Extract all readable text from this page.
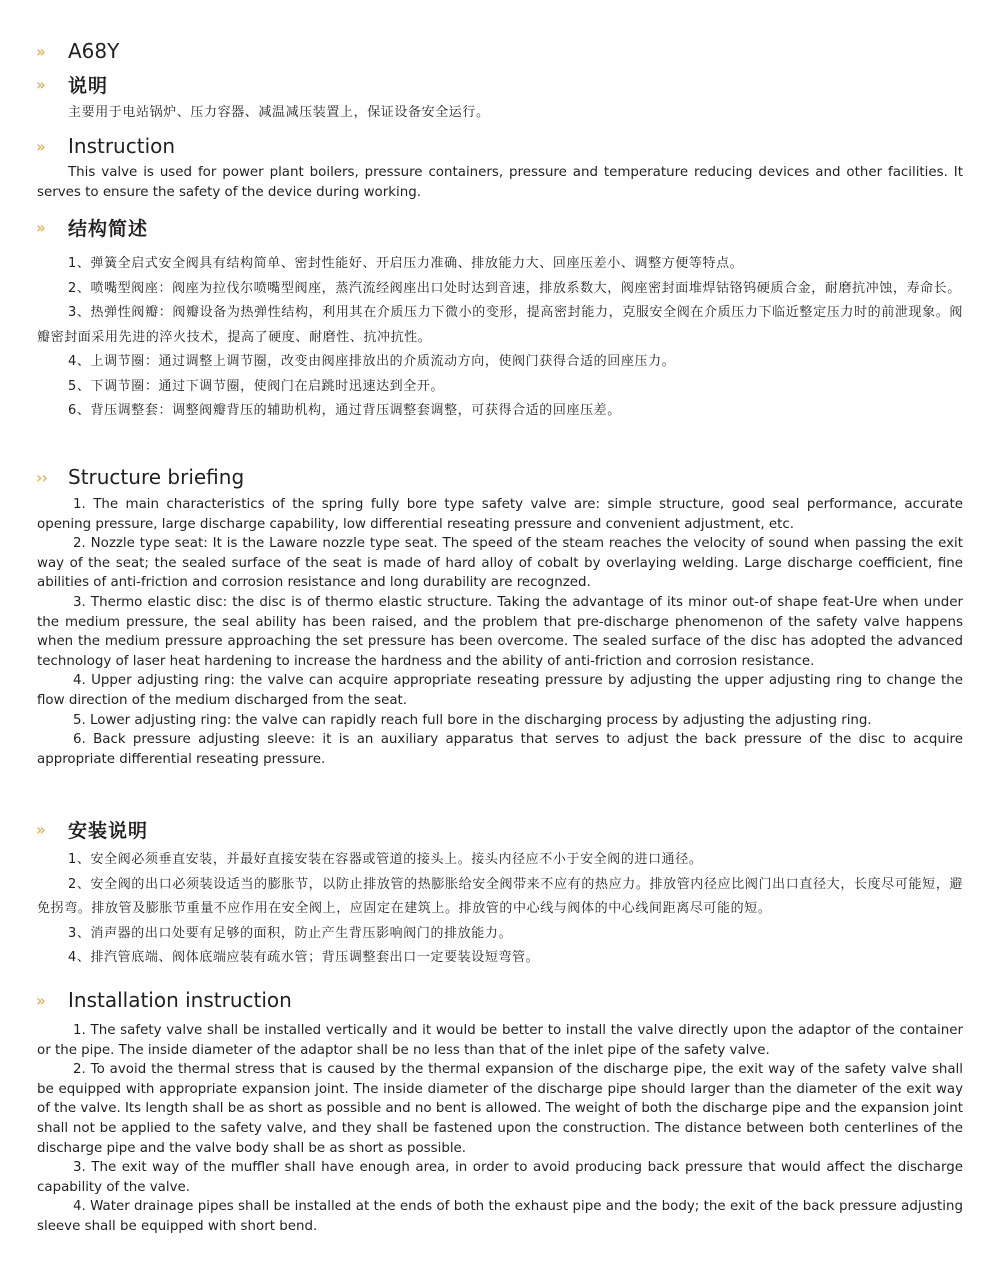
»	A68Y
»	说明

主要用于电站锅炉、压力容器、减温减压装置上，保证设备安全运行。

»	Instruction

This valve is used for power plant boilers, pressure containers, pressure and temperature reducing devices and other facilities. It serves to ensure the safety of the device during working.

»	结构简述

1、弹簧全启式安全阀具有结构简单、密封性能好、开启压力准确、排放能力大、回座压差小、调整方便等特点。

2、喷嘴型阀座：阀座为拉伐尔喷嘴型阀座，蒸汽流经阀座出口处时达到音速，排放系数大，阀座密封面堆焊钴铬钨硬质合金，耐磨抗冲蚀，寿命长。

3、热弹性阀瓣：阀瓣设备为热弹性结构，利用其在介质压力下微小的变形，提高密封能力，克服安全阀在介质压力下临近整定压力时的前泄现象。阀瓣密封面采用先进的淬火技术，提高了硬度、耐磨性、抗冲抗性。

4、上调节圈：通过调整上调节圈，改变由阀座排放出的介质流动方向，使阀门获得合适的回座压力。

5、下调节圈：通过下调节圈，使阀门在启跳时迅速达到全开。

6、背压调整套：调整阀瓣背压的辅助机构，通过背压调整套调整，可获得合适的回座压差。

››	Structure briefing

1. The main characteristics of the spring fully bore type safety valve are: simple structure, good seal performance, accurate opening pressure, large discharge capability, low differential reseating pressure and convenient adjustment, etc.

2. Nozzle type seat: It is the Laware nozzle type seat. The speed of the steam reaches the velocity of sound when passing the exit way of the seat; the sealed surface of the seat is made of hard alloy of cobalt by overlaying welding. Large discharge coefficient, fine abilities of anti-friction and corrosion resistance and long durability are recognzed.

3. Thermo elastic disc: the disc is of thermo elastic structure. Taking the advantage of its minor out-of shape feat-Ure when under the medium pressure, the seal ability has been raised, and the problem that pre-discharge phenomenon of the safety valve happens when the medium pressure approaching the set pressure has been overcome. The sealed surface of the disc has adopted the advanced technology of laser heat hardening to increase the hardness and the ability of anti-friction and corrosion resistance.

4. Upper adjusting ring: the valve can acquire appropriate reseating pressure by adjusting the upper adjusting ring to change the flow direction of the medium discharged from the seat.

5. Lower adjusting ring: the valve can rapidly reach full bore in the discharging process by adjusting the adjusting ring.

6. Back pressure adjusting sleeve: it is an auxiliary apparatus that serves to adjust the back pressure of the disc to acquire appropriate differential reseating pressure.

»	安装说明

1、安全阀必须垂直安装，并最好直接安装在容器或管道的接头上。接头内径应不小于安全阀的进口通径。

2、安全阀的出口必须装设适当的膨胀节，以防止排放管的热膨胀给安全阀带来不应有的热应力。排放管内径应比阀门出口直径大，长度尽可能短，避免拐弯。排放管及膨胀节重量不应作用在安全阀上，应固定在建筑上。排放管的中心线与阀体的中心线间距离尽可能的短。

3、消声器的出口处要有足够的面积，防止产生背压影响阀门的排放能力。

4、排汽管底端、阀体底端应装有疏水管；背压调整套出口一定要装设短弯管。

»	Installation instruction

1. The safety valve shall be installed vertically and it would be better to install the valve directly upon the adaptor of the container or the pipe. The inside diameter of the adaptor shall be no less than that of the inlet pipe of the safety valve.

2. To avoid the thermal stress that is caused by the thermal expansion of the discharge pipe, the exit way of the safety valve shall be equipped with appropriate expansion joint. The inside diameter of the discharge pipe should larger than the diameter of the exit way of the valve. Its length shall be as short as possible and no bent is allowed. The weight of both the discharge pipe and the expansion joint shall not be applied to the safety valve, and they shall be fastened upon the construction. The distance between both centerlines of the discharge pipe and the valve body shall be as short as possible.

3. The exit way of the muffler shall have enough area, in order to avoid producing back pressure that would affect the discharge capability of the valve.

4. Water drainage pipes shall be installed at the ends of both the exhaust pipe and the body; the exit of the back pressure adjusting sleeve shall be equipped with short bend.
